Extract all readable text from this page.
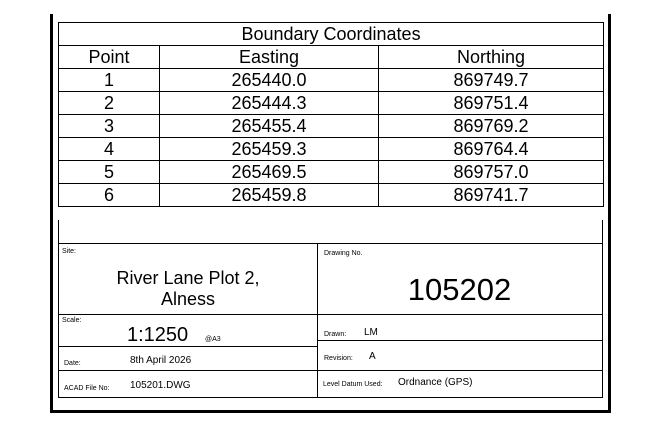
Boundary Coordinates		
Point	Easting	Northing
1	265440.0	869749.7
2	265444.3	869751.4
3	265455.4	869769.2
4	265459.3	869764.4
5	265469.5	869757.0
6	265459.8	869741.7
Site:
River Lane Plot 2,
Alness
Drawing No.
105202
Scale:
1:1250 @A3
Drawn: LM
Revision: A
Date:	8th April 2026
ACAD File No: 105201.DWG	Level Datum Used: Ordnance (GPS)
